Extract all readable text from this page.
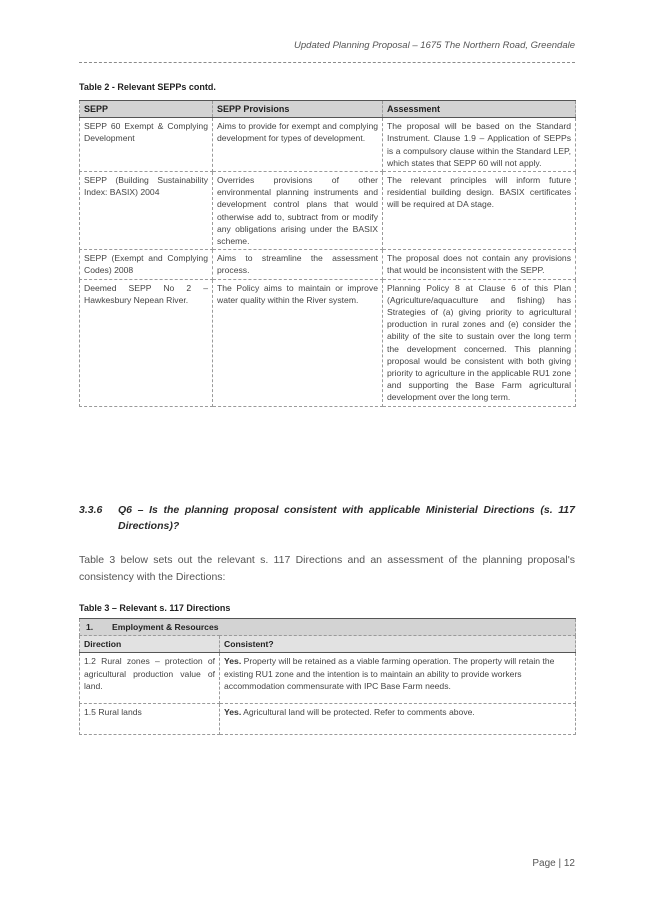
Updated Planning Proposal – 1675 The Northern Road, Greendale
Table 2 - Relevant SEPPs contd.
SEPP	SEPP Provisions	Assessment
SEPP 60 Exempt & Complying Development	Aims to provide for exempt and complying development for types of development.	The proposal will be based on the Standard Instrument. Clause 1.9 – Application of SEPPs is a compulsory clause within the Standard LEP, which states that SEPP 60 will not apply.
SEPP (Building Sustainability Index: BASIX) 2004	Overrides provisions of other environmental planning instruments and development control plans that would otherwise add to, subtract from or modify any obligations arising under the BASIX scheme.	The relevant principles will inform future residential building design. BASIX certificates will be required at DA stage.
SEPP (Exempt and Complying Codes) 2008	Aims to streamline the assessment process.	The proposal does not contain any provisions that would be inconsistent with the SEPP.
Deemed SEPP No 2 – Hawkesbury Nepean River.	The Policy aims to maintain or improve water quality within the River system.	Planning Policy 8 at Clause 6 of this Plan (Agriculture/aquaculture and fishing) has Strategies of (a) giving priority to agricultural production in rural zones and (e) consider the ability of the site to sustain over the long term the development concerned. This planning proposal would be consistent with both giving priority to agriculture in the applicable RU1 zone and supporting the Base Farm agricultural development over the long term.
3.3.6 Q6 – Is the planning proposal consistent with applicable Ministerial Directions (s. 117 Directions)?
Table 3 below sets out the relevant s. 117 Directions and an assessment of the planning proposal's consistency with the Directions:
Table 3 – Relevant s. 117 Directions
1. Employment & Resources	
Direction	Consistent?
1.2 Rural zones – protection of agricultural production value of land.	Yes. Property will be retained as a viable farming operation. The property will retain the existing RU1 zone and the intention is to maintain an ability to provide workers accommodation commensurate with IPC Base Farm needs.
1.5 Rural lands	Yes. Agricultural land will be protected. Refer to comments above.
Page | 12
